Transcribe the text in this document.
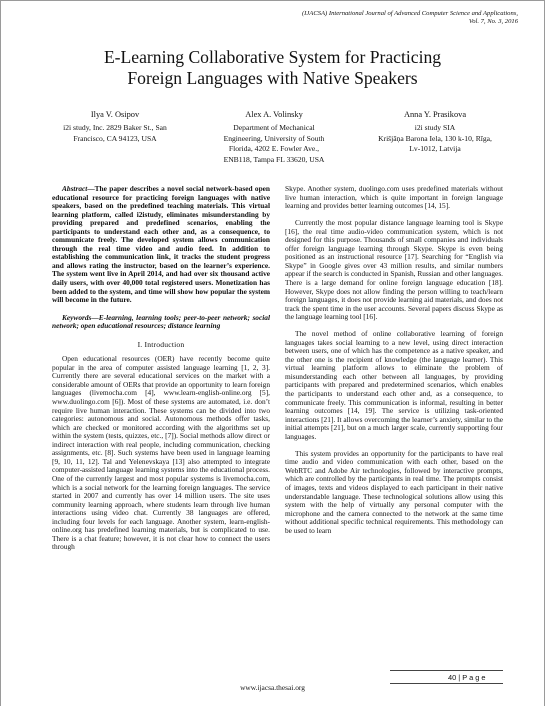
(IJACSA) International Journal of Advanced Computer Science and Applications,
Vol. 7, No. 3, 2016
E-Learning Collaborative System for Practicing
Foreign Languages with Native Speakers
Ilya V. Osipov
i2i study, Inc. 2829 Baker St., San
Francisco, CA 94123, USA
Alex A. Volinsky
Department of Mechanical
Engineering, University of South
Florida, 4202 E. Fowler Ave.,
ENB118, Tampa FL 33620, USA
Anna Y. Prasikova
i2i study SIA
Krišjāņa Barona Iela, 130 k-10, Rīga,
Lv-1012, Latvija

Abstract—The paper describes a novel social network-based open educational resource for practicing foreign languages with native speakers, based on the predefined teaching materials. This virtual learning platform, called i2istudy, eliminates misunderstanding by providing prepared and predefined scenarios, enabling the participants to understand each other and, as a consequence, to communicate freely. The developed system allows communication through the real time video and audio feed. In addition to establishing the communication link, it tracks the student progress and allows rating the instructor, based on the learner’s experience. The system went live in April 2014, and had over six thousand active daily users, with over 40,000 total registered users. Monetization has been added to the system, and time will show how popular the system will become in the future.

Keywords—E-learning, learning tools; peer-to-peer network; social network; open educational resources; distance learning

I. Introduction

Open educational resources (OER) have recently become quite popular in the area of computer assisted language learning [1, 2, 3]. Currently there are several educational services on the market with a considerable amount of OERs that provide an opportunity to learn foreign languages (livemocha.com [4], www.learn-english-online.org [5], www.duolingo.com [6]). Most of these systems are automated, i.e. don’t require live human interaction. These systems can be divided into two categories: autonomous and social. Autonomous methods offer tasks, which are checked or monitored according with the algorithms set up within the system (tests, quizzes, etc., [7]). Social methods allow direct or indirect interaction with real people, including communication, checking assignments, etc. [8]. Such systems have been used in language learning [9, 10, 11, 12]. Tal and Yelenevskaya [13] also attempted to integrate computer-assisted language learning systems into the educational process. One of the currently largest and most popular systems is livemocha.com, which is a social network for the learning foreign languages. The service started in 2007 and currently has over 14 million users. The site uses community learning approach, where students learn through live human interactions using video chat. Currently 38 languages are offered, including four levels for each language. Another system, learn-english-online.org has predefined learning materials, but is complicated to use. There is a chat feature; however, it is not clear how to connect the users through

Skype. Another system, duolingo.com uses predefined materials without live human interaction, which is quite important in foreign language learning and provides better learning outcomes [14, 15].

Currently the most popular distance language learning tool is Skype [16], the real time audio-video communication system, which is not designed for this purpose. Thousands of small companies and individuals offer foreign language learning through Skype. Skype is even being positioned as an instructional resource [17]. Searching for “English via Skype” in Google gives over 43 million results, and similar numbers appear if the search is conducted in Spanish, Russian and other languages. There is a large demand for online foreign language education [18]. However, Skype does not allow finding the person willing to teach/learn foreign languages, it does not provide learning aid materials, and does not track the spent time in the user accounts. Several papers discuss Skype as the language learning tool [16].

The novel method of online collaborative learning of foreign languages takes social learning to a new level, using direct interaction between users, one of which has the competence as a native speaker, and the other one is the recipient of knowledge (the language learner). This virtual learning platform allows to eliminate the problem of misunderstanding each other between all languages, by providing participants with prepared and predetermined scenarios, which enables the participants to understand each other and, as a consequence, to communicate freely. This communication is informal, resulting in better learning outcomes [14, 19]. The service is utilizing task-oriented interactions [21]. It allows overcoming the learner’s anxiety, similar to the initial attempts [21], but on a much larger scale, currently supporting four languages.

This system provides an opportunity for the participants to have real time audio and video communication with each other, based on the WebRTC and Adobe Air technologies, followed by interactive prompts, which are controlled by the participants in real time. The prompts consist of images, texts and videos displayed to each participant in their native understandable language. These technological solutions allow using this system with the help of virtually any personal computer with the microphone and the camera connected to the network at the same time without additional specific technical requirements. This methodology can be used to learn

40 | P a g e
www.ijacsa.thesai.org
